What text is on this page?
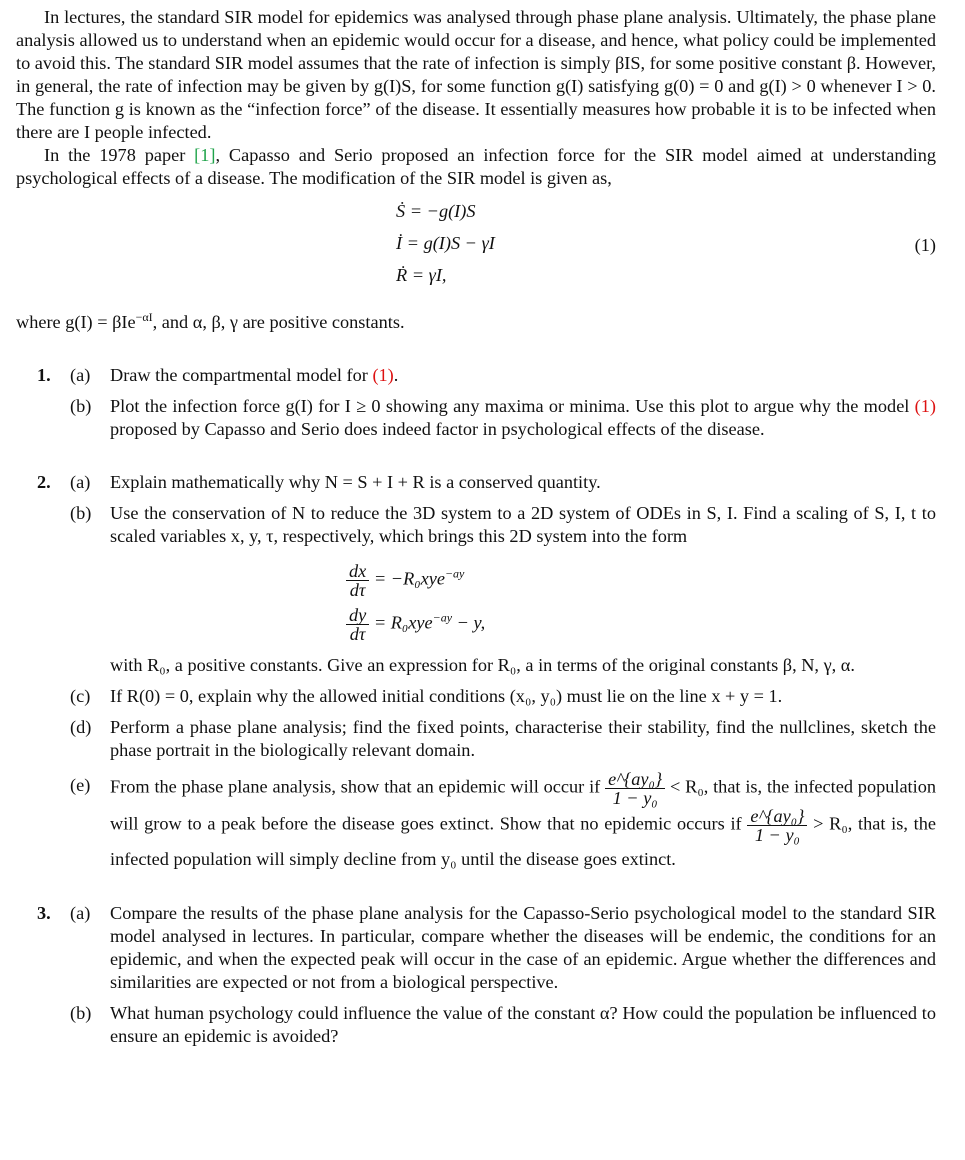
In lectures, the standard SIR model for epidemics was analysed through phase plane analysis. Ultimately, the phase plane analysis allowed us to understand when an epidemic would occur for a disease, and hence, what policy could be implemented to avoid this. The standard SIR model assumes that the rate of infection is simply βIS, for some positive constant β. However, in general, the rate of infection may be given by g(I)S, for some function g(I) satisfying g(0) = 0 and g(I) > 0 whenever I > 0. The function g is known as the “infection force” of the disease. It essentially measures how probable it is to be infected when there are I people infected.

In the 1978 paper [1], Capasso and Serio proposed an infection force for the SIR model aimed at understanding psychological effects of a disease. The modification of the SIR model is given as,

Ṡ = −g(I)S
İ = g(I)S − γI
Ṙ = γI,
(1)

where g(I) = βIe$^{-\alpha I}$, and α, β, γ are positive constants.

1. (a) Draw the compartmental model for (1).
(b) Plot the infection force g(I) for I ≥ 0 showing any maxima or minima. Use this plot to argue why the model (1) proposed by Capasso and Serio does indeed factor in psychological effects of the disease.
2. (a) Explain mathematically why N = S + I + R is a conserved quantity.
(b) Use the conservation of N to reduce the 3D system to a 2D system of ODEs in S, I. Find a scaling of S, I, t to scaled variables x, y, τ, respectively, which brings this 2D system into the form
$\frac{dx}{d\tau} = -R_0xye^{-ay}$
$\frac{dy}{d\tau} = R_0xye^{-ay} - y$,
with R₀, a positive constants. Give an expression for R₀, a in terms of the original constants β, N, γ, α.
(c) If R(0) = 0, explain why the allowed initial conditions (x₀, y₀) must lie on the line x + y = 1.
(d) Perform a phase plane analysis; find the fixed points, characterise their stability, find the nullclines, sketch the phase portrait in the biologically relevant domain.
(e) From the phase plane analysis, show that an epidemic will occur if $\frac{\text{e\textasciicircum{}\{ay₀\}}}{\text{1 − y₀}} < R_0$, that is, the infected population will grow to a peak before the disease goes extinct. Show that no epidemic occurs if $\frac{\text{e\textasciicircum{}\{ay₀\}}}{\text{1 − y₀}} > R_0$, that is, the infected population will simply decline from y₀ until the disease goes extinct.
3. (a) Compare the results of the phase plane analysis for the Capasso-Serio psychological model to the standard SIR model analysed in lectures. In particular, compare whether the diseases will be endemic, the conditions for an epidemic, and when the expected peak will occur in the case of an epidemic. Argue whether the differences and similarities are expected or not from a biological perspective.
(b) What human psychology could influence the value of the constant α? How could the population be influenced to ensure an epidemic is avoided?
